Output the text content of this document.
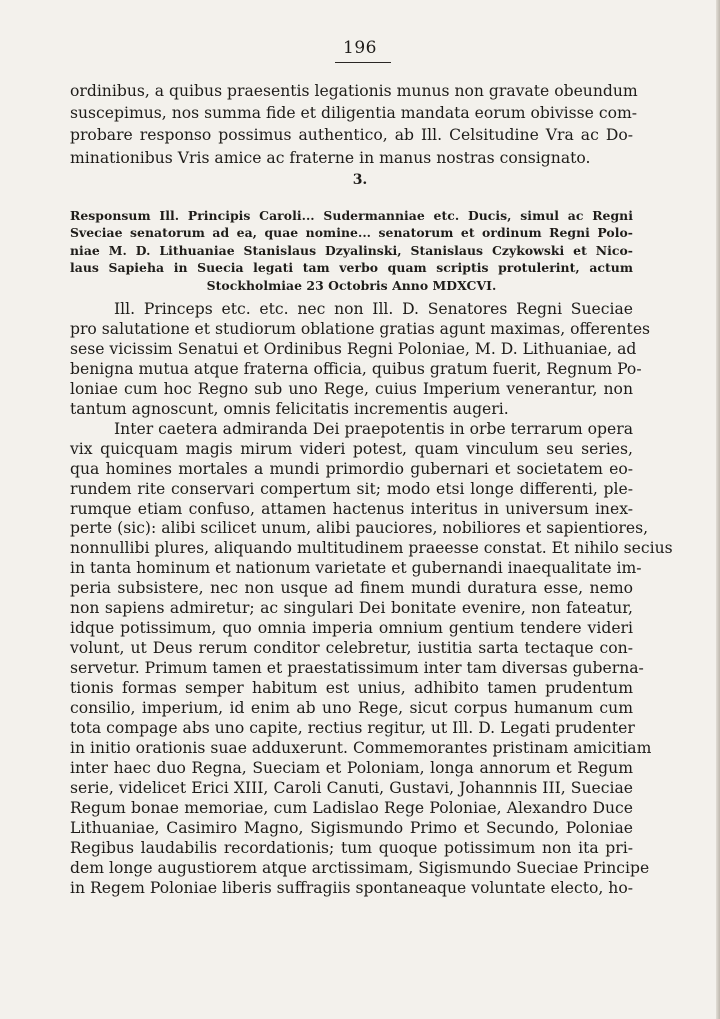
196
ordinibus, a quibus praesentis legationis munus non gravate obeundum
suscepimus, nos summa fide et diligentia mandata eorum obivisse com-
probare responso possimus authentico, ab Ill. Celsitudine Vra ac Do-
minationibus Vris amice ac fraterne in manus nostras consignato.
3.
Responsum Ill. Principis Caroli... Sudermanniae etc. Ducis, simul ac Regni
Sveciae senatorum ad ea, quae nomine... senatorum et ordinum Regni Polo-
niae M. D. Lithuaniae Stanislaus Dzyalinski, Stanislaus Czykowski et Nico-
laus Sapieha in Suecia legati tam verbo quam scriptis protulerint, actum
Stockholmiae 23 Octobris Anno MDXCVI.
Ill. Princeps etc. etc. nec non Ill. D. Senatores Regni Sueciae
pro salutatione et studiorum oblatione gratias agunt maximas, offerentes
sese vicissim Senatui et Ordinibus Regni Poloniae, M. D. Lithuaniae, ad
benigna mutua atque fraterna officia, quibus gratum fuerit, Regnum Po-
loniae cum hoc Regno sub uno Rege, cuius Imperium venerantur, non
tantum agnoscunt, omnis felicitatis incrementis augeri.
Inter caetera admiranda Dei praepotentis in orbe terrarum opera
vix quicquam magis mirum videri potest, quam vinculum seu series,
qua homines mortales a mundi primordio gubernari et societatem eo-
rundem rite conservari compertum sit; modo etsi longe differenti, ple-
rumque etiam confuso, attamen hactenus interitus in universum inex-
perte (sic): alibi scilicet unum, alibi pauciores, nobiliores et sapientiores,
nonnullibi plures, aliquando multitudinem praeesse constat. Et nihilo secius
in tanta hominum et nationum varietate et gubernandi inaequalitate im-
peria subsistere, nec non usque ad finem mundi duratura esse, nemo
non sapiens admiretur; ac singulari Dei bonitate evenire, non fateatur,
idque potissimum, quo omnia imperia omnium gentium tendere videri
volunt, ut Deus rerum conditor celebretur, iustitia sarta tectaque con-
servetur. Primum tamen et praestatissimum inter tam diversas guberna-
tionis formas semper habitum est unius, adhibito tamen prudentum
consilio, imperium, id enim ab uno Rege, sicut corpus humanum cum
tota compage abs uno capite, rectius regitur, ut Ill. D. Legati prudenter
in initio orationis suae adduxerunt. Commemorantes pristinam amicitiam
inter haec duo Regna, Sueciam et Poloniam, longa annorum et Regum
serie, videlicet Erici XIII, Caroli Canuti, Gustavi, Johannnis III, Sueciae
Regum bonae memoriae, cum Ladislao Rege Poloniae, Alexandro Duce
Lithuaniae, Casimiro Magno, Sigismundo Primo et Secundo, Poloniae
Regibus laudabilis recordationis; tum quoque potissimum non ita pri-
dem longe augustiorem atque arctissimam, Sigismundo Sueciae Principe
in Regem Poloniae liberis suffragiis spontaneaque voluntate electo, ho-
